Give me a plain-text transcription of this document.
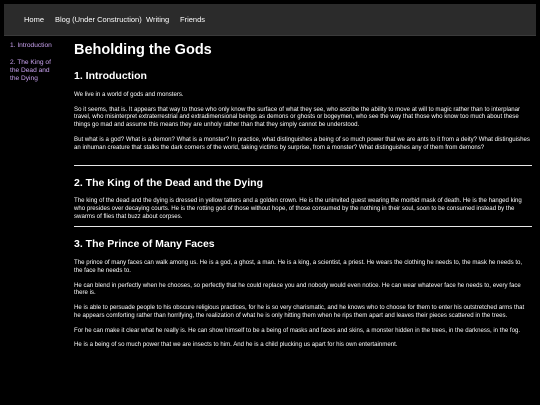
Home Blog (Under Construction) Writing Friends
1. Introduction
2. The King of the Dead and the Dying
Beholding the Gods
1. Introduction

We live in a world of gods and monsters.

So it seems, that is. It appears that way to those who only know the surface of what they see, who ascribe the ability to move at will to magic rather than to interplanar travel, who misinterpret extraterrestrial and extradimensional beings as demons or ghosts or bogeymen, who see the way that those who know too much about these things go mad and assume this means they are unholy rather than that they simply cannot be understood.

But what is a god? What is a demon? What is a monster? In practice, what distinguishes a being of so much power that we are ants to it from a deity? What distinguishes an inhuman creature that stalks the dark corners of the world, taking victims by surprise, from a monster? What distinguishes any of them from demons?

2. The King of the Dead and the Dying

The king of the dead and the dying is dressed in yellow tatters and a golden crown. He is the uninvited guest wearing the morbid mask of death. He is the hanged king who presides over decaying courts. He is the rotting god of those without hope, of those consumed by the nothing in their soul, soon to be consumed instead by the swarms of flies that buzz about corpses.

3. The Prince of Many Faces

The prince of many faces can walk among us. He is a god, a ghost, a man. He is a king, a scientist, a priest. He wears the clothing he needs to, the mask he needs to, the face he needs to.

He can blend in perfectly when he chooses, so perfectly that he could replace you and nobody would even notice. He can wear whatever face he needs to, every face there is.

He is able to persuade people to his obscure religious practices, for he is so very charismatic, and he knows who to choose for them to enter his outstretched arms that he appears comforting rather than horrifying, the realization of what he is only hitting them when he rips them apart and leaves their pieces scattered in the trees.

For he can make it clear what he really is. He can show himself to be a being of masks and faces and skins, a monster hidden in the trees, in the darkness, in the fog.

He is a being of so much power that we are insects to him. And he is a child plucking us apart for his own entertainment.
